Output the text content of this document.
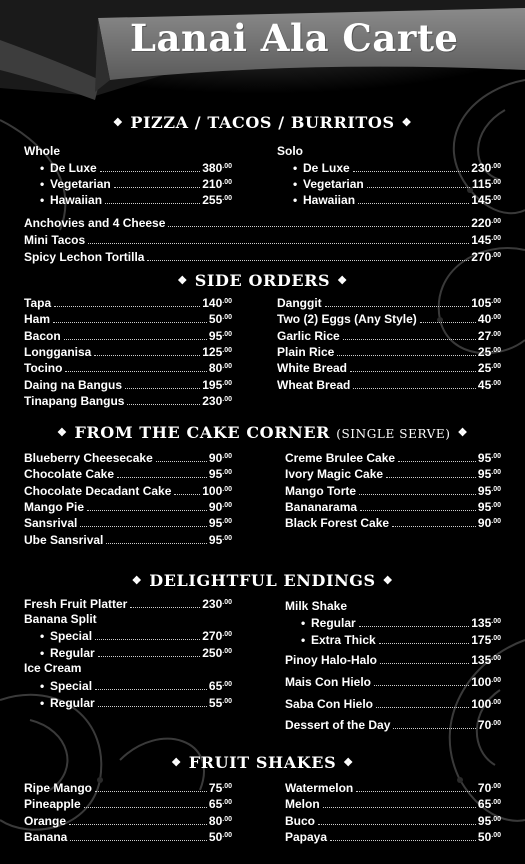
Lanai Ala Carte
❖ PIZZA / TACOS / BURRITOS ❖
Whole
• De Luxe	$380^{.00}$
• Vegetarian	$210^{.00}$
• Hawaiian	$255^{.00}$
Solo
• De Luxe	$230^{.00}$
• Vegetarian	$115^{.00}$
• Hawaiian	$145^{.00}$
Anchovies and 4 Cheese	$220^{.00}$
Mini Tacos	$145^{.00}$
Spicy Lechon Tortilla	$270^{.00}$
❖ SIDE ORDERS ❖
Tapa	$140^{.00}$
Ham	$50^{.00}$
Bacon	$95^{.00}$
Longganisa	$125^{.00}$
Tocino	$80^{.00}$
Daing na Bangus	$195^{.00}$
Tinapang Bangus	$230^{.00}$
Danggit	$105^{.00}$
Two (2) Eggs (Any Style)	$40^{.00}$
Garlic Rice	$27^{.00}$
Plain Rice	$25^{.00}$
White Bread	$25^{.00}$
Wheat Bread	$45^{.00}$
❖ FROM THE CAKE CORNER (SINGLE SERVE) ❖
Blueberry Cheesecake	$90^{.00}$
Chocolate Cake	$95^{.00}$
Chocolate Decadant Cake	$100^{.00}$
Mango Pie	$90^{.00}$
Sansrival	$95^{.00}$
Ube Sansrival	$95^{.00}$
Creme Brulee Cake	$95^{.00}$
Ivory Magic Cake	$95^{.00}$
Mango Torte	$95^{.00}$
Bananarama	$95^{.00}$
Black Forest Cake	$90^{.00}$
❖ DELIGHTFUL ENDINGS ❖
Fresh Fruit Platter	$230^{.00}$
Banana Split
• Special	$270^{.00}$
• Regular	$250^{.00}$
Ice Cream
• Special	$65^{.00}$
• Regular	$55^{.00}$
Milk Shake
• Regular	$135^{.00}$
• Extra Thick	$175^{.00}$
Pinoy Halo-Halo	$135^{.00}$
Mais Con Hielo	$100^{.00}$
Saba Con Hielo	$100^{.00}$
Dessert of the Day	$70^{.00}$
❖ FRUIT SHAKES ❖
Ripe Mango	$75^{.00}$
Pineapple	$65^{.00}$
Orange	$80^{.00}$
Banana	$50^{.00}$
Watermelon	$70^{.00}$
Melon	$65^{.00}$
Buco	$95^{.00}$
Papaya	$50^{.00}$
